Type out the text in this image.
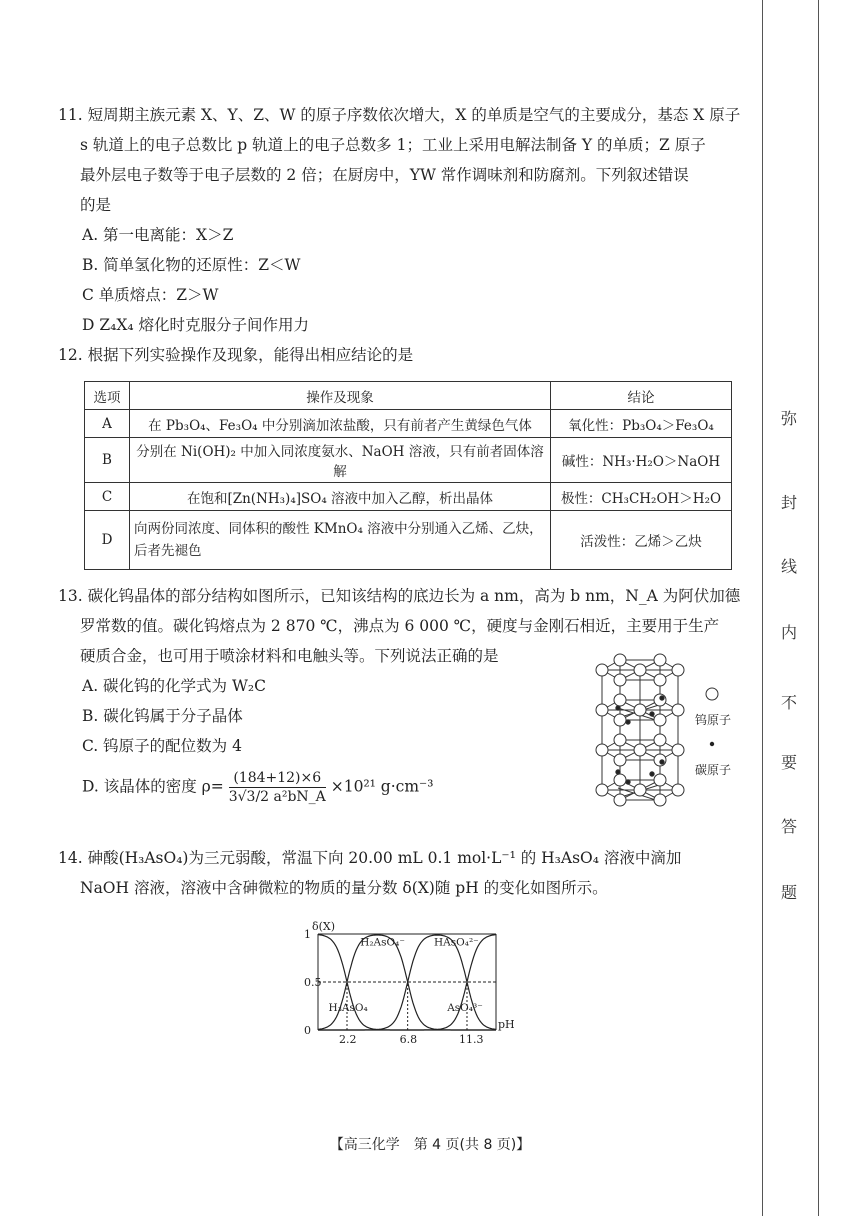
弥
封
线
内
不
要
答
题
11. 短周期主族元素 X、Y、Z、W 的原子序数依次增大，X 的单质是空气的主要成分，基态 X 原子
s 轨道上的电子总数比 p 轨道上的电子总数多 1；工业上采用电解法制备 Y 的单质；Z 原子
最外层电子数等于电子层数的 2 倍；在厨房中，YW 常作调味剂和防腐剂。下列叙述错误
的是
A. 第一电离能：X＞Z
B. 简单氢化物的还原性：Z＜W
C 单质熔点：Z＞W
D Z₄X₄ 熔化时克服分子间作用力
12. 根据下列实验操作及现象，能得出相应结论的是
选项	操作及现象	结论
A	在 Pb₃O₄、Fe₃O₄ 中分别滴加浓盐酸，只有前者产生黄绿色气体	氧化性：Pb₃O₄＞Fe₃O₄
B	分别在 Ni(OH)₂ 中加入同浓度氨水、NaOH 溶液，只有前者固体溶解	碱性：NH₃·H₂O＞NaOH
C	在饱和[Zn(NH₃)₄]SO₄ 溶液中加入乙醇，析出晶体	极性：CH₃CH₂OH＞H₂O
D	向两份同浓度、同体积的酸性 KMnO₄ 溶液中分别通入乙烯、乙炔，后者先褪色	活泼性：乙烯＞乙炔
13. 碳化钨晶体的部分结构如图所示，已知该结构的底边长为 a nm，高为 b nm，N_A 为阿伏加德
罗常数的值。碳化钨熔点为 2 870 ℃，沸点为 6 000 ℃，硬度与金刚石相近，主要用于生产
硬质合金，也可用于喷涂材料和电触头等。下列说法正确的是
A. 碳化钨的化学式为 W₂C
B. 碳化钨属于分子晶体
C. 钨原子的配位数为 4
D. 该晶体的密度 $\rho= \frac{(184+12)\times 6}{\text{3√3/2 a²bN\_A}} \times 10^{21}$ g·cm⁻³
钨原子
碳原子
14. 砷酸(H₃AsO₄)为三元弱酸，常温下向 20.00 mL 0.1 mol·L⁻¹ 的 H₃AsO₄ 溶液中滴加
NaOH 溶液，溶液中含砷微粒的物质的量分数 δ(X)随 pH 的变化如图所示。
2.2	6.8	11.3
1
0.5
0
δ(X)
pH
H₃AsO₄
H₂AsO₄⁻	HAsO₄²⁻
AsO₄³⁻
【高三化学　第 4 页(共 8 页)】
